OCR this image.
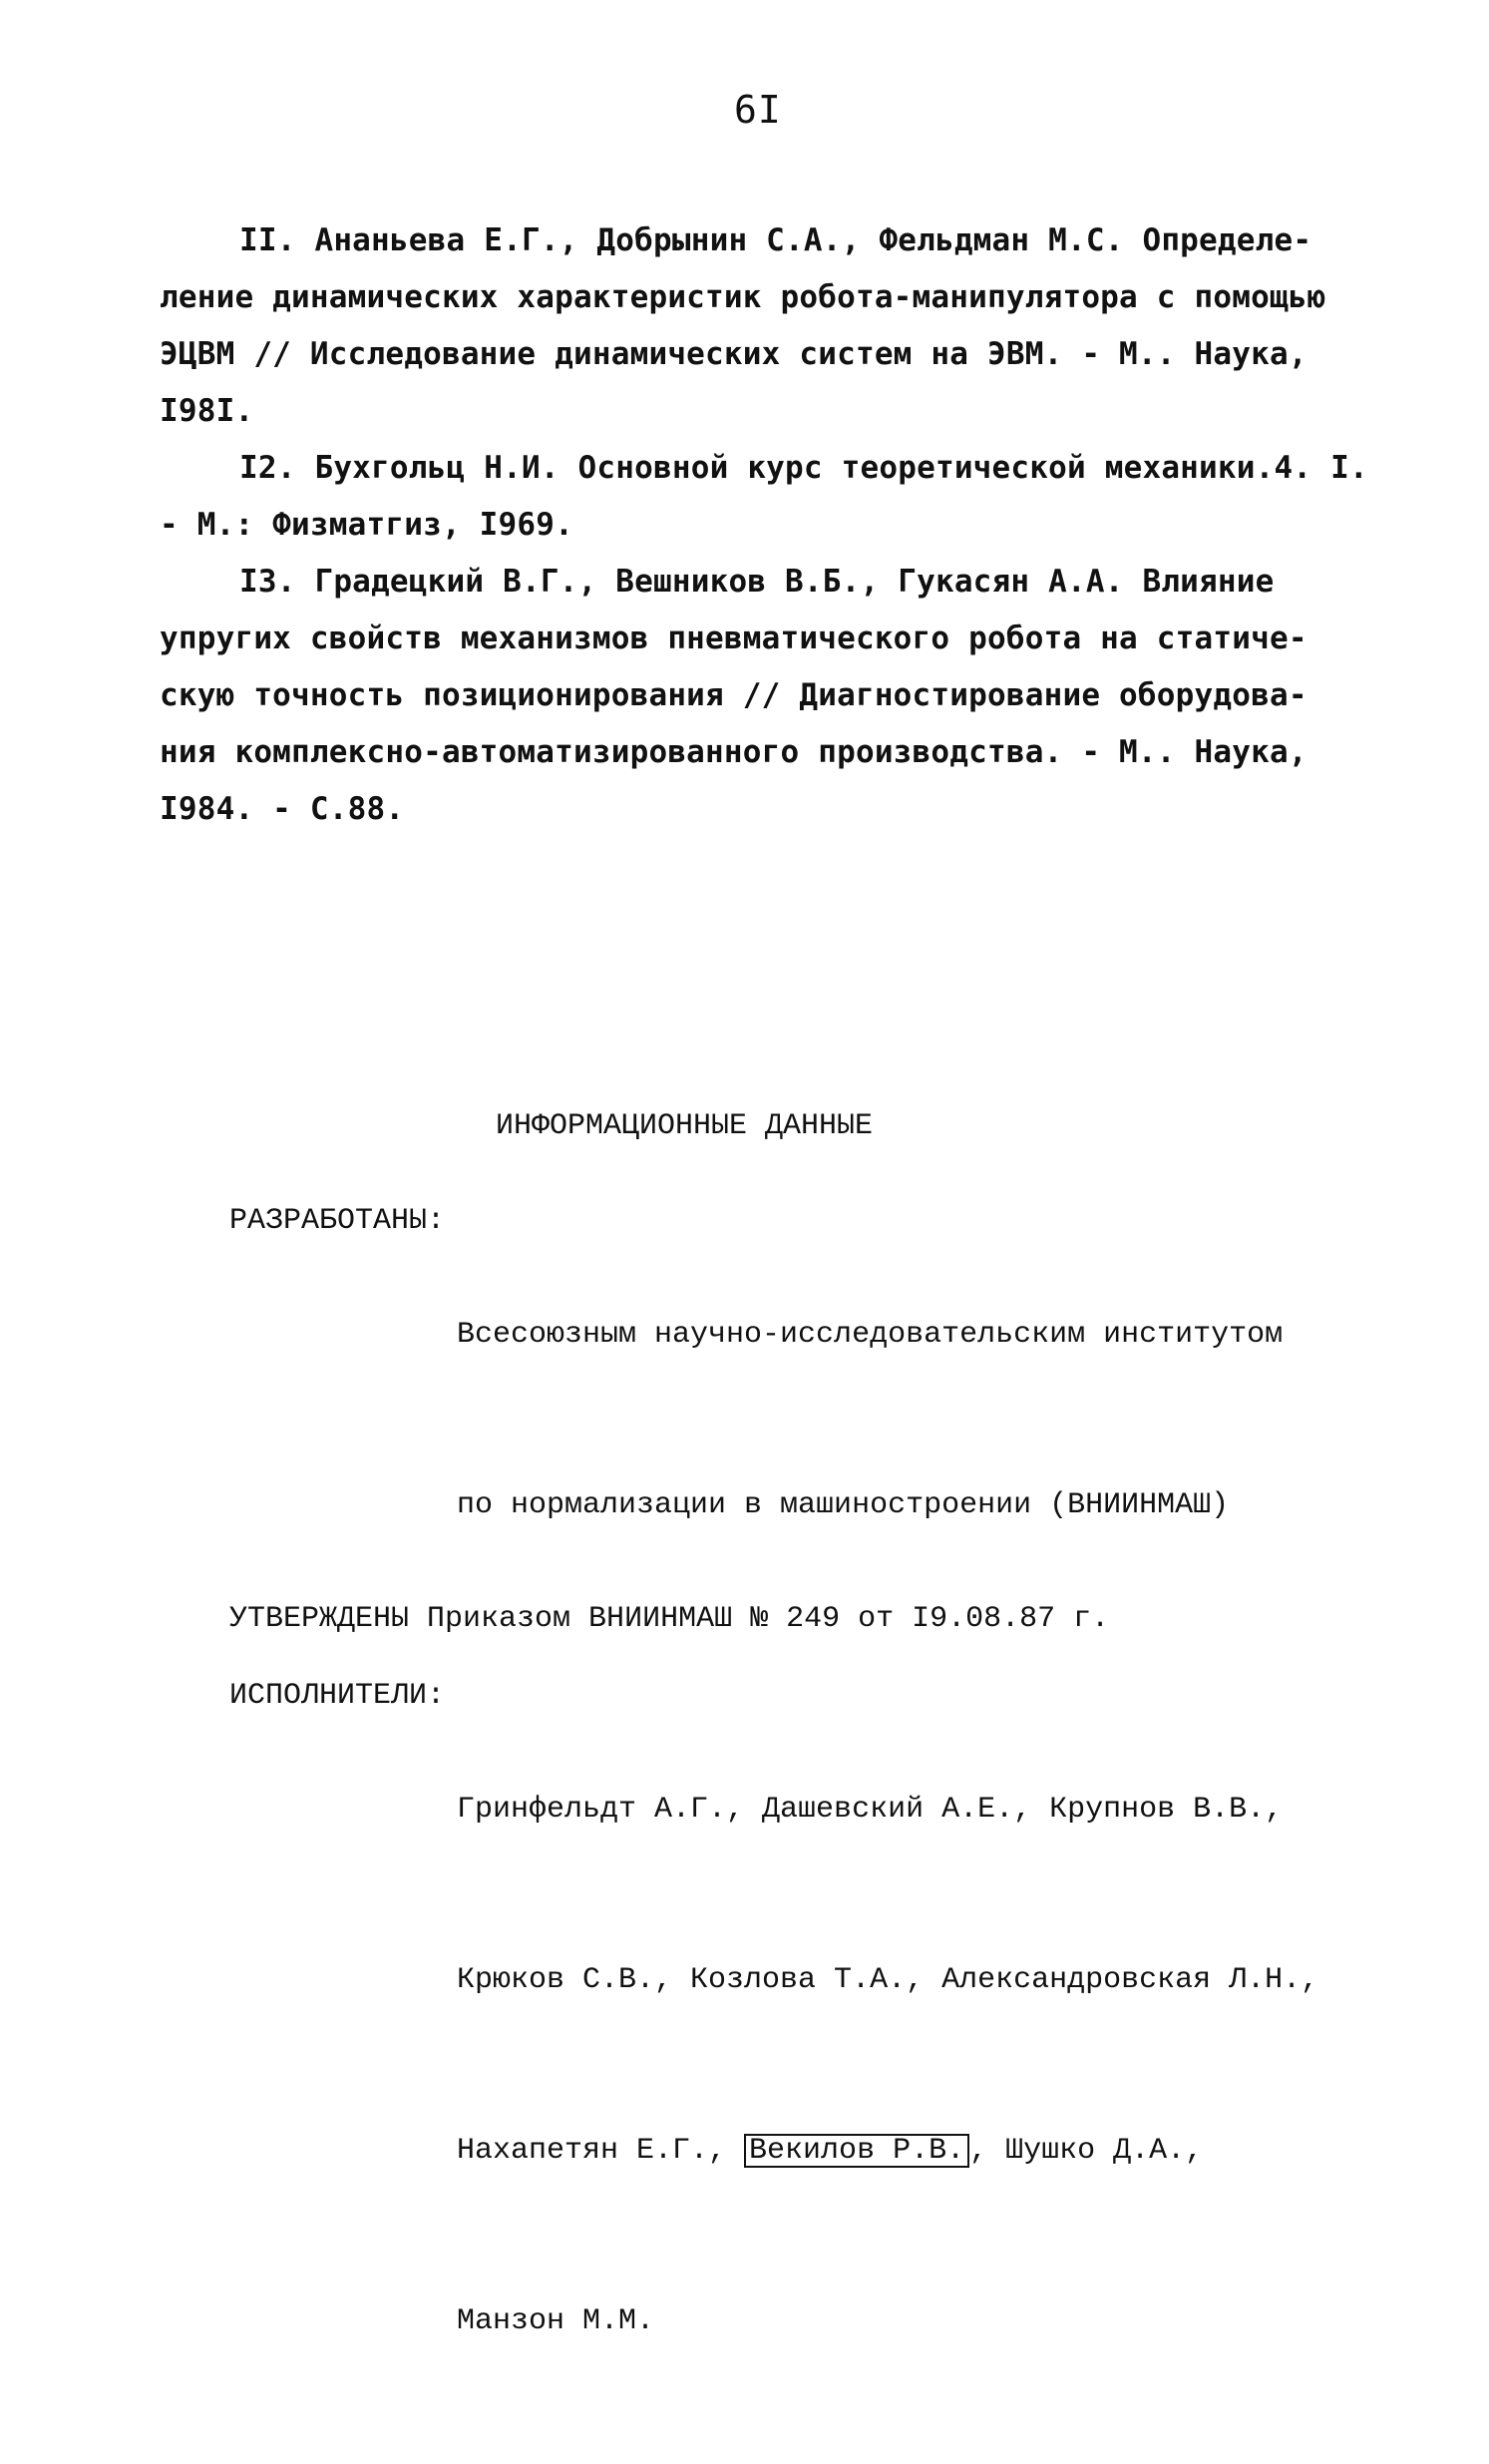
6I
II. Ананьева Е.Г., Добрынин С.А., Фельдман М.С. Определе-
ление динамических характеристик робота-манипулятора с помощью
ЭЦВМ // Исследование динамических систем на ЭВМ. - М.. Наука,
I98I.
I2. Бухгольц Н.И. Основной курс теоретической механики.4. I.
- М.: Физматгиз, I969.
I3. Градецкий В.Г., Вешников В.Б., Гукасян А.А. Влияние
упругих свойств механизмов пневматического робота на статиче-
скую точность позиционирования // Диагностирование оборудова-
ния комплексно-автоматизированного производства. - М.. Наука,
I984. - С.88.
ИНФОРМАЦИОННЫЕ ДАННЫЕ
РАЗРАБОТАНЫ:

Всесоюзным научно-исследовательским институтом

по нормализации в машиностроении (ВНИИНМАШ)

ИСПОЛНИТЕЛИ:

Гринфельдт А.Г., Дашевский А.Е., Крупнов В.В.,

Крюков С.В., Козлова Т.А., Александровская Л.Н.,

Нахапетян Е.Г., Векилов Р.В. , Шушко Д.А.,

Манзон М.М.

УТВЕРЖДЕНЫ Приказом ВНИИНМАШ № 249 от I9.08.87 г.
